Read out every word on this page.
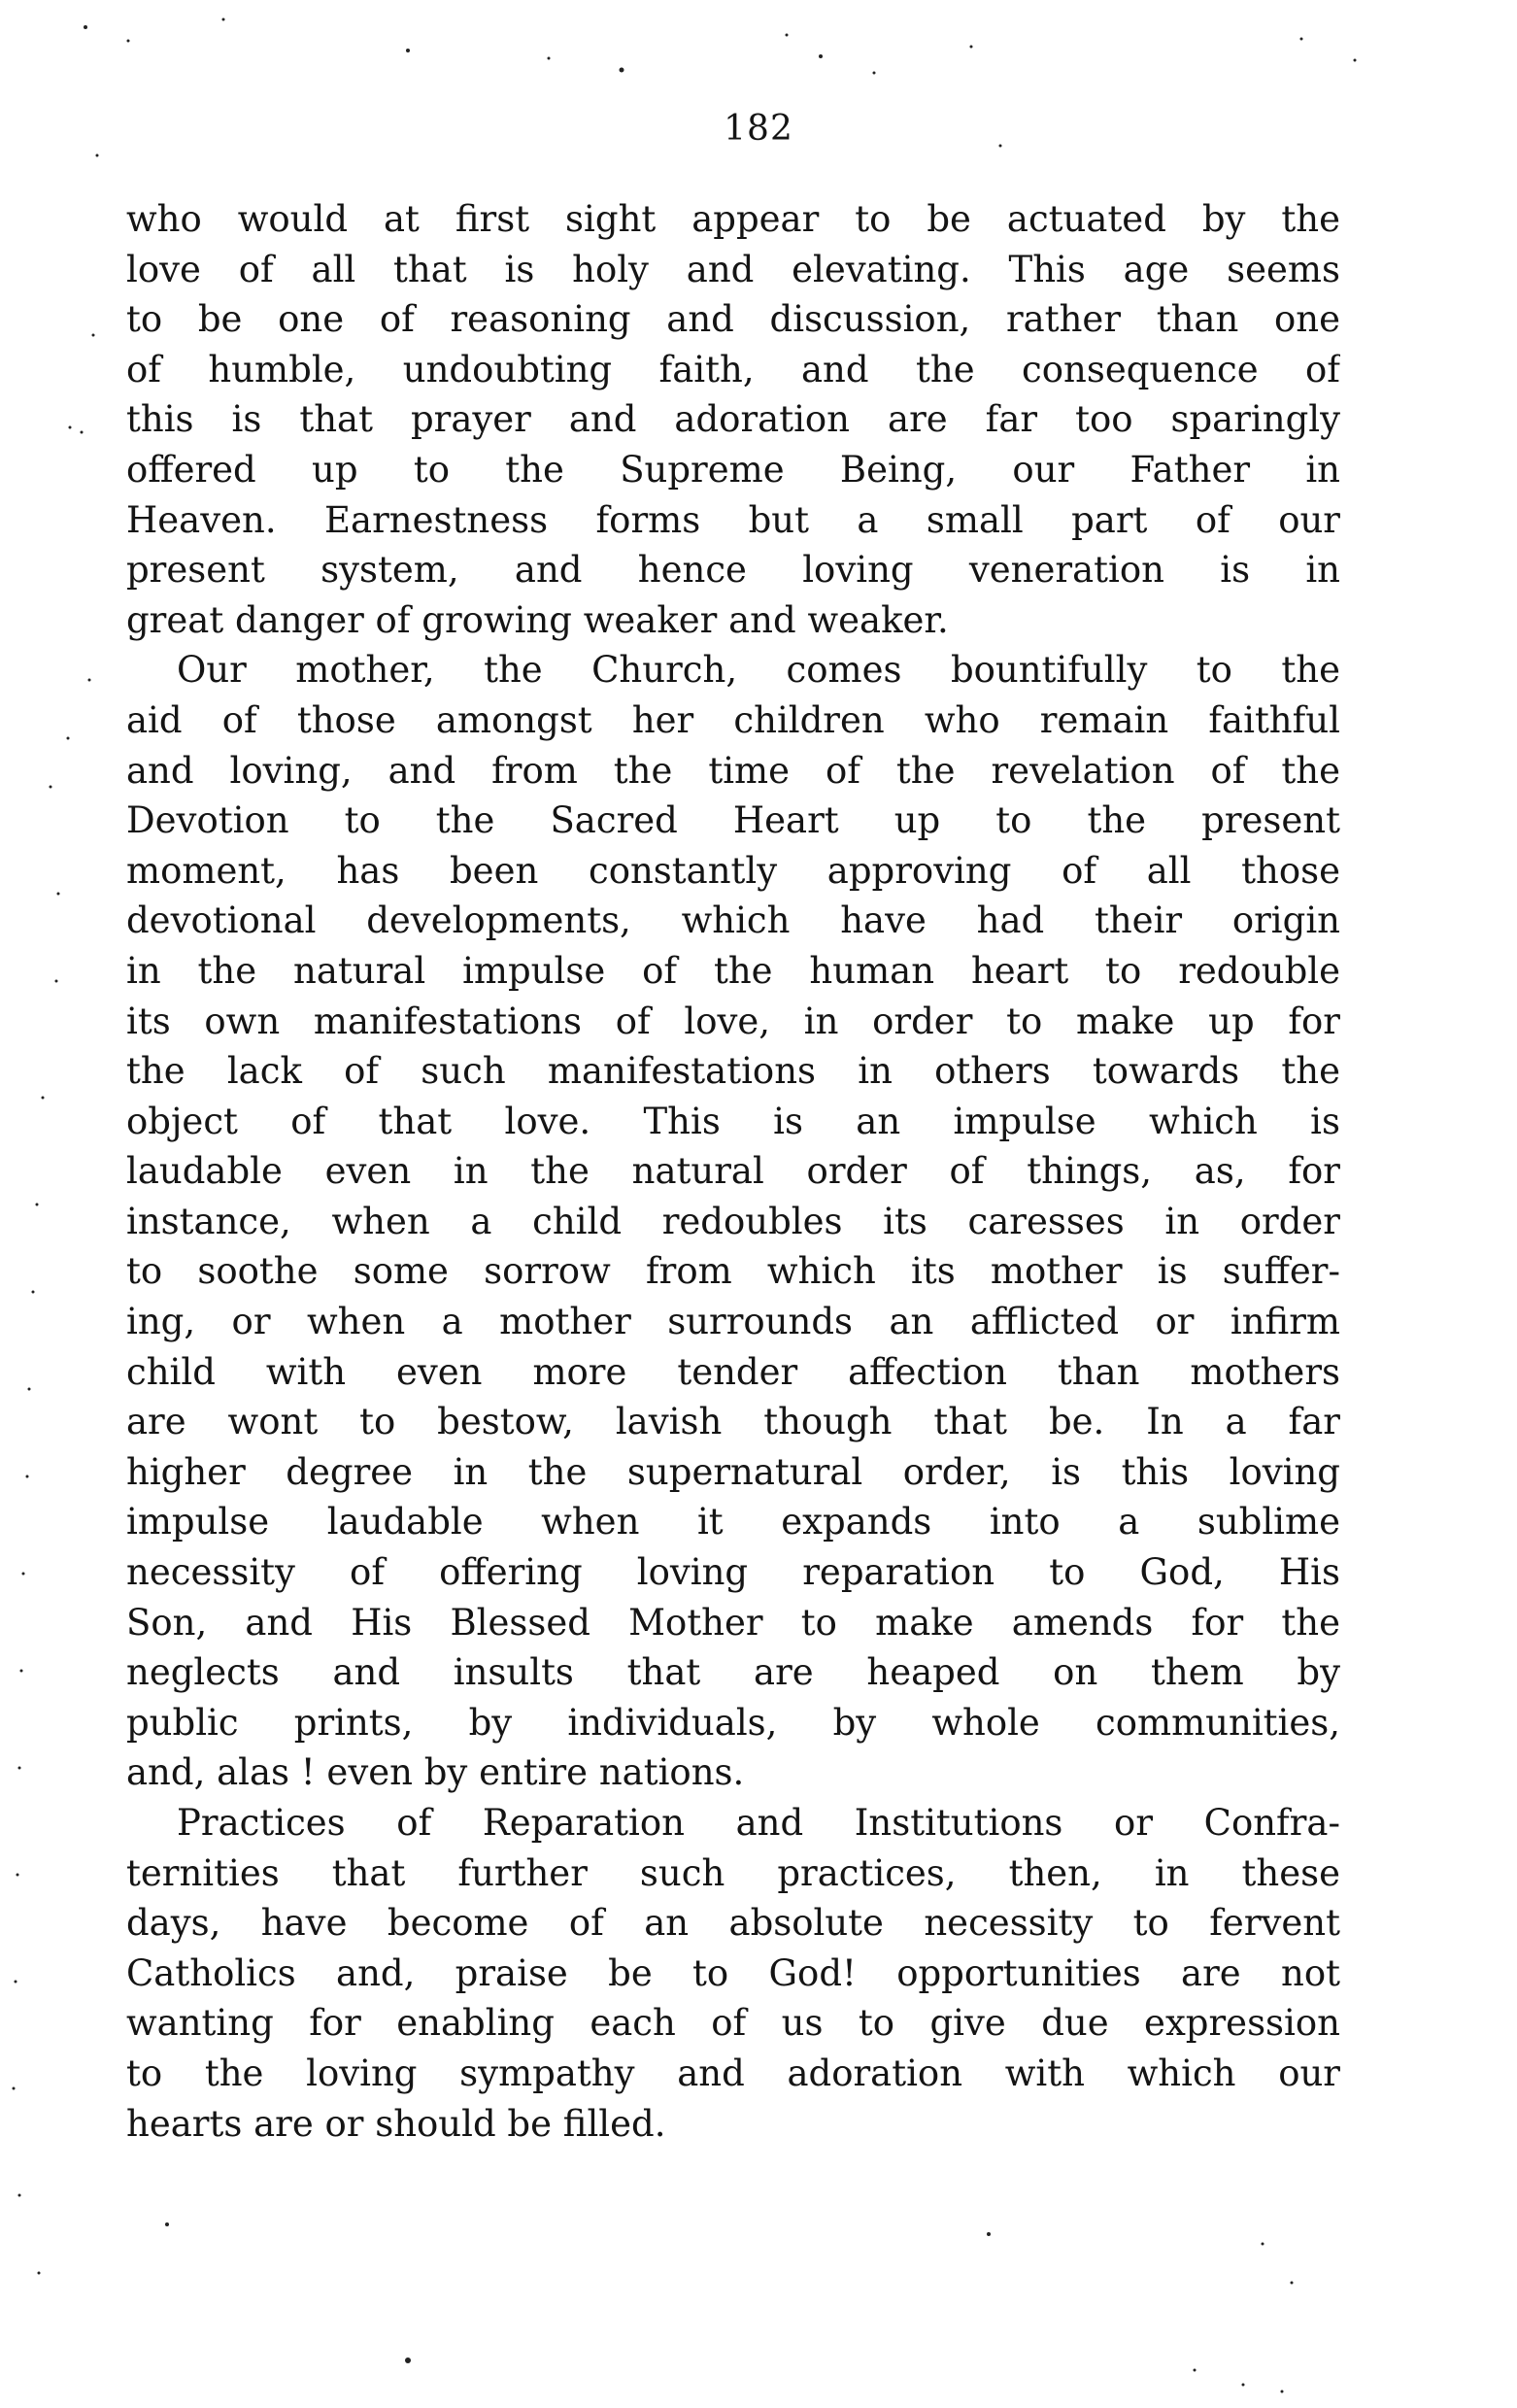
182
who would at first sight appear to be actuated by the
love of all that is holy and elevating. This age seems
to be one of reasoning and discussion, rather than one
of humble, undoubting faith, and the consequence of
this is that prayer and adoration are far too sparingly
offered up to the Supreme Being, our Father in
Heaven. Earnestness forms but a small part of our
present system, and hence loving veneration is in
great danger of growing weaker and weaker.
Our mother, the Church, comes bountifully to the
aid of those amongst her children who remain faithful
and loving, and from the time of the revelation of the
Devotion to the Sacred Heart up to the present
moment, has been constantly approving of all those
devotional developments, which have had their origin
in the natural impulse of the human heart to redouble
its own manifestations of love, in order to make up for
the lack of such manifestations in others towards the
object of that love. This is an impulse which is
laudable even in the natural order of things, as, for
instance, when a child redoubles its caresses in order
to soothe some sorrow from which its mother is suffer-
ing, or when a mother surrounds an afflicted or infirm
child with even more tender affection than mothers
are wont to bestow, lavish though that be. In a far
higher degree in the supernatural order, is this loving
impulse laudable when it expands into a sublime
necessity of offering loving reparation to God, His
Son, and His Blessed Mother to make amends for the
neglects and insults that are heaped on them by
public prints, by individuals, by whole communities,
and, alas ! even by entire nations.
Practices of Reparation and Institutions or Confra-
ternities that further such practices, then, in these
days, have become of an absolute necessity to fervent
Catholics and, praise be to God! opportunities are not
wanting for enabling each of us to give due expression
to the loving sympathy and adoration with which our
hearts are or should be filled.
